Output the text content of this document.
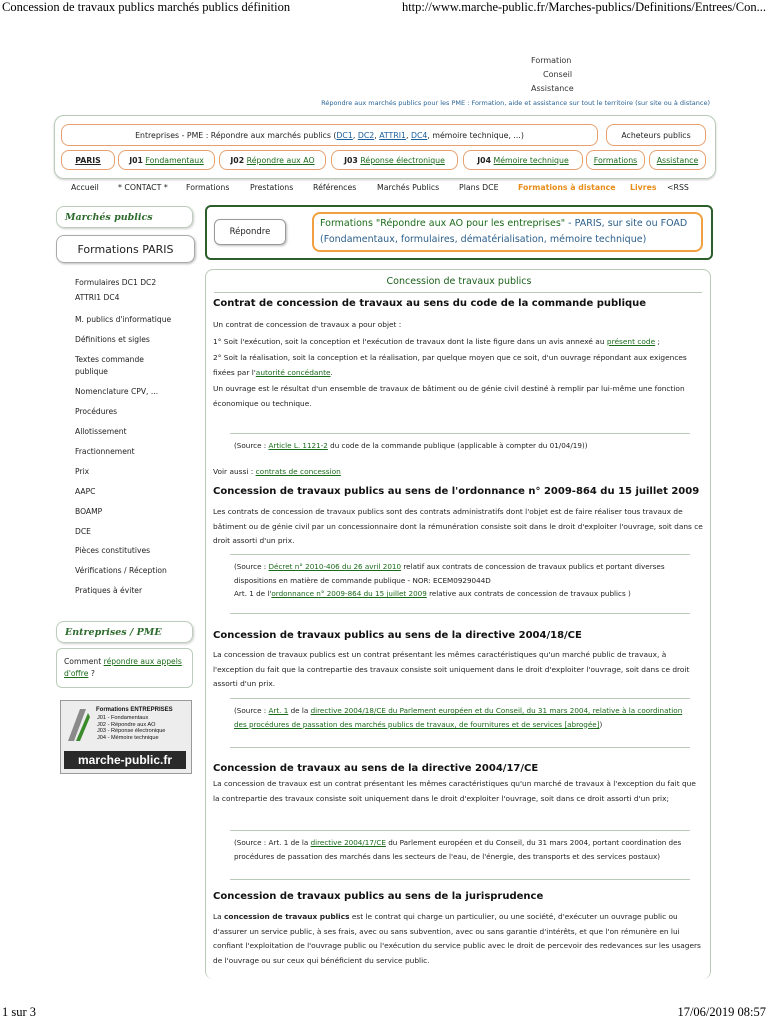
Concession de travaux publics marchés publics définition	http://www.marche-public.fr/Marches-publics/Definitions/Entrees/Con...
Formation
Conseil
Assistance
Répondre aux marchés publics pour les PME : Formation, aide et assistance sur tout le territoire (sur site ou à distance)
Entreprises - PME : Répondre aux marchés publics ( DC1 , DC2 , ATTRI1 , DC4 , mémoire technique, ...)	Acheteurs publics
PARIS	J01
Fondamentaux	J02
Répondre aux AO	J03
Réponse électronique	J04
Mémoire technique	Formations	Assistance
Accueil * CONTACT * Formations	Prestations	Références	Marchés Publics	Plans DCE Formations à distance Livres <RSS
Marchés publics
Formations PARIS
Formulaires DC1 DC2
ATTRI1 DC4
M. publics d'informatique
Définitions et sigles
Textes commande
publique
Nomenclature CPV, ...
Procédures
Allotissement
Fractionnement
Prix
AAPC
BOAMP
DCE
Pièces constitutives
Vérifications / Réception
Pratiques à éviter
Entreprises / PME
Comment répondre aux appels d'offre ?
Formations ENTREPRISES
J01 - Fondamentaux
J02 - Répondre aux AO
J03 - Réponse électronique
J04 - Mémoire technique
marche-public.fr
Répondre
Formations "Répondre aux AO pour les entreprises" - PARIS, sur site ou FOAD (Fondamentaux, formulaires, dématérialisation, mémoire technique)
Concession de travaux publics
Contrat de concession de travaux au sens du code de la commande publique
Un contrat de concession de travaux a pour objet :
1° Soit l'exécution, soit la conception et l'exécution de travaux dont la liste figure dans un avis annexé au présent code ;
2° Soit la réalisation, soit la conception et la réalisation, par quelque moyen que ce soit, d'un ouvrage répondant aux exigences fixées par l'autorité concédante.
Un ouvrage est le résultat d'un ensemble de travaux de bâtiment ou de génie civil destiné à remplir par lui-même une fonction économique ou technique.
(Source : Article L. 1121-2 du code de la commande publique (applicable à compter du 01/04/19))
Voir aussi : contrats de concession
Concession de travaux publics au sens de l'ordonnance n° 2009-864 du 15 juillet 2009
Les contrats de concession de travaux publics sont des contrats administratifs dont l'objet est de faire réaliser tous travaux de bâtiment ou de génie civil par un concessionnaire dont la rémunération consiste soit dans le droit d'exploiter l'ouvrage, soit dans ce droit assorti d'un prix.
(Source : Décret n° 2010-406 du 26 avril 2010 relatif aux contrats de concession de travaux publics et portant diverses dispositions en matière de commande publique - NOR: ECEM0929044D
Art. 1 de l'ordonnance n° 2009-864 du 15 juillet 2009 relative aux contrats de concession de travaux publics )
Concession de travaux publics au sens de la directive 2004/18/CE
La concession de travaux publics est un contrat présentant les mêmes caractéristiques qu'un marché public de travaux, à l'exception du fait que la contrepartie des travaux consiste soit uniquement dans le droit d'exploiter l'ouvrage, soit dans ce droit assorti d'un prix.
(Source : Art. 1 de la directive 2004/18/CE du Parlement européen et du Conseil, du 31 mars 2004, relative à la coordination des procédures de passation des marchés publics de travaux, de fournitures et de services [abrogée])
Concession de travaux au sens de la directive 2004/17/CE
La concession de travaux est un contrat présentant les mêmes caractéristiques qu'un marché de travaux à l'exception du fait que la contrepartie des travaux consiste soit uniquement dans le droit d'exploiter l'ouvrage, soit dans ce droit assorti d'un prix;
(Source : Art. 1 de la directive 2004/17/CE du Parlement européen et du Conseil, du 31 mars 2004, portant coordination des procédures de passation des marchés dans les secteurs de l'eau, de l'énergie, des transports et des services postaux)
Concession de travaux publics au sens de la jurisprudence
La concession de travaux publics est le contrat qui charge un particulier, ou une société, d'exécuter un ouvrage public ou d'assurer un service public, à ses frais, avec ou sans subvention, avec ou sans garantie d'intérêts, et que l'on rémunère en lui confiant l'exploitation de l'ouvrage public ou l'exécution du service public avec le droit de percevoir des redevances sur les usagers de l'ouvrage ou sur ceux qui bénéficient du service public.
1 sur 3	17/06/2019 08:57
